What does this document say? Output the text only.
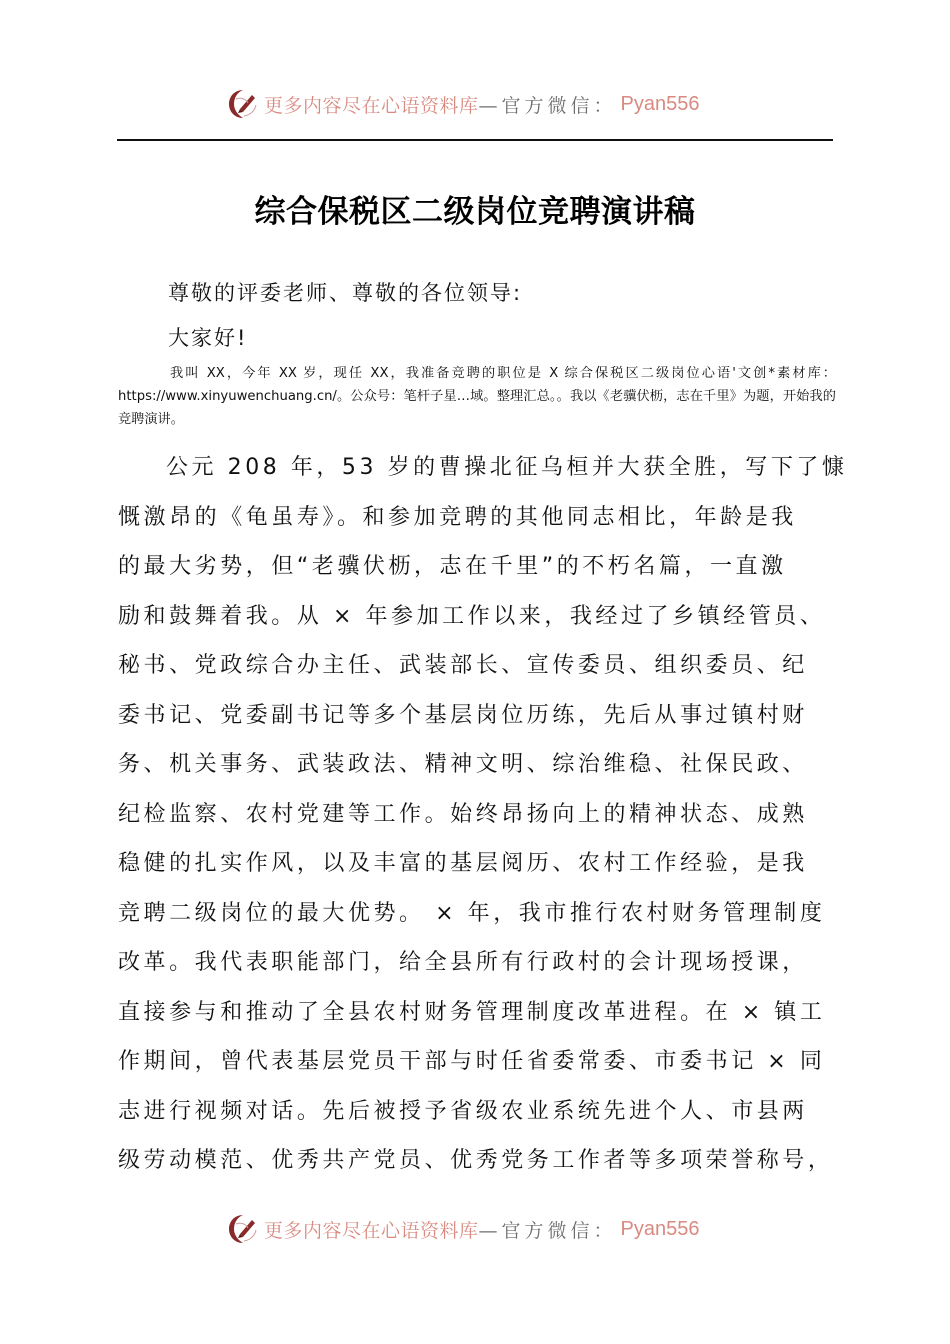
更多内容尽在心语资料库 —官方微信： Pyan556
综合保税区二级岗位竞聘演讲稿
尊敬的评委老师、尊敬的各位领导:
大家好!
我叫 XX，今年 XX 岁，现任 XX，我准备竞聘的职位是 X 综合保税区二级岗位心语'文创*素材库：https://www.xinyuwenchuang.cn/。公众号：笔杆子星…域。整理汇总。。我以《老骥伏枥，志在千里》为题，开始我的竞聘演讲。
公元 208 年，53 岁的曹操北征乌桓并大获全胜，写下了慷
慨激昂的《龟虽寿》。和参加竞聘的其他同志相比，年龄是我
的最大劣势，但“老骥伏枥，志在千里”的不朽名篇，一直激
励和鼓舞着我。从 × 年参加工作以来，我经过了乡镇经管员、
秘书、党政综合办主任、武装部长、宣传委员、组织委员、纪
委书记、党委副书记等多个基层岗位历练，先后从事过镇村财
务、机关事务、武装政法、精神文明、综治维稳、社保民政、
纪检监察、农村党建等工作。始终昂扬向上的精神状态、成熟
稳健的扎实作风，以及丰富的基层阅历、农村工作经验，是我
竞聘二级岗位的最大优势。 × 年，我市推行农村财务管理制度
改革。我代表职能部门，给全县所有行政村的会计现场授课，
直接参与和推动了全县农村财务管理制度改革进程。在 × 镇工
作期间，曾代表基层党员干部与时任省委常委、市委书记 × 同
志进行视频对话。先后被授予省级农业系统先进个人、市县两
级劳动模范、优秀共产党员、优秀党务工作者等多项荣誉称号，
更多内容尽在心语资料库 —官方微信： Pyan556
